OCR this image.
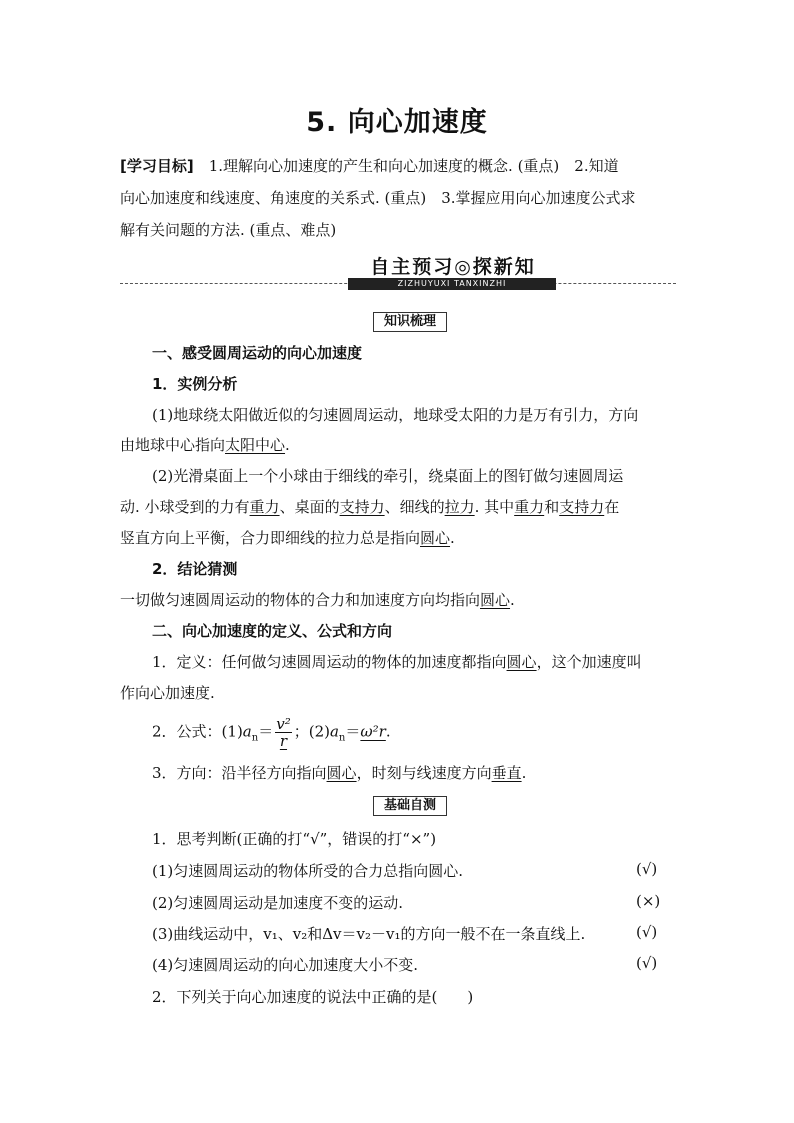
5. 向心加速度
[学习目标]　 1.理解向心加速度的产生和向心加速度的概念. (重点)　2.知道
向心加速度和线速度、角速度的关系式. (重点)　3.掌握应用向心加速度公式求
解有关问题的方法. (重点、难点)
自主预习◎探新知
ZIZHUYUXI TANXINZHI
知识梳理
一、感受圆周运动的向心加速度
1．实例分析
(1)地球绕太阳做近似的匀速圆周运动，地球受太阳的力是万有引力，方向
由地球中心指向太阳中心.
(2)光滑桌面上一个小球由于细线的牵引，绕桌面上的图钉做匀速圆周运
动. 小球受到的力有重力、桌面的支持力、细线的拉力. 其中重力和支持力在
竖直方向上平衡，合力即细线的拉力总是指向圆心.
2．结论猜测
一切做匀速圆周运动的物体的合力和加速度方向均指向圆心.
二、向心加速度的定义、公式和方向
1．定义：任何做匀速圆周运动的物体的加速度都指向圆心，这个加速度叫
作向心加速度.
2．公式：$(1)a_n= \frac{\text{v²}}{r}$ ；$(2)a_n=\omega^2r$.
3．方向：沿半径方向指向圆心，时刻与线速度方向垂直.
基础自测
1．思考判断(正确的打“√”，错误的打“×”)
(1)匀速圆周运动的物体所受的合力总指向圆心.	(√)
(2)匀速圆周运动是加速度不变的运动.	(×)
(3)曲线运动中，v₁、v₂和Δv＝v₂－v₁的方向一般不在一条直线上.	(√)
(4)匀速圆周运动的向心加速度大小不变.	(√)
2．下列关于向心加速度的说法中正确的是(　　)
